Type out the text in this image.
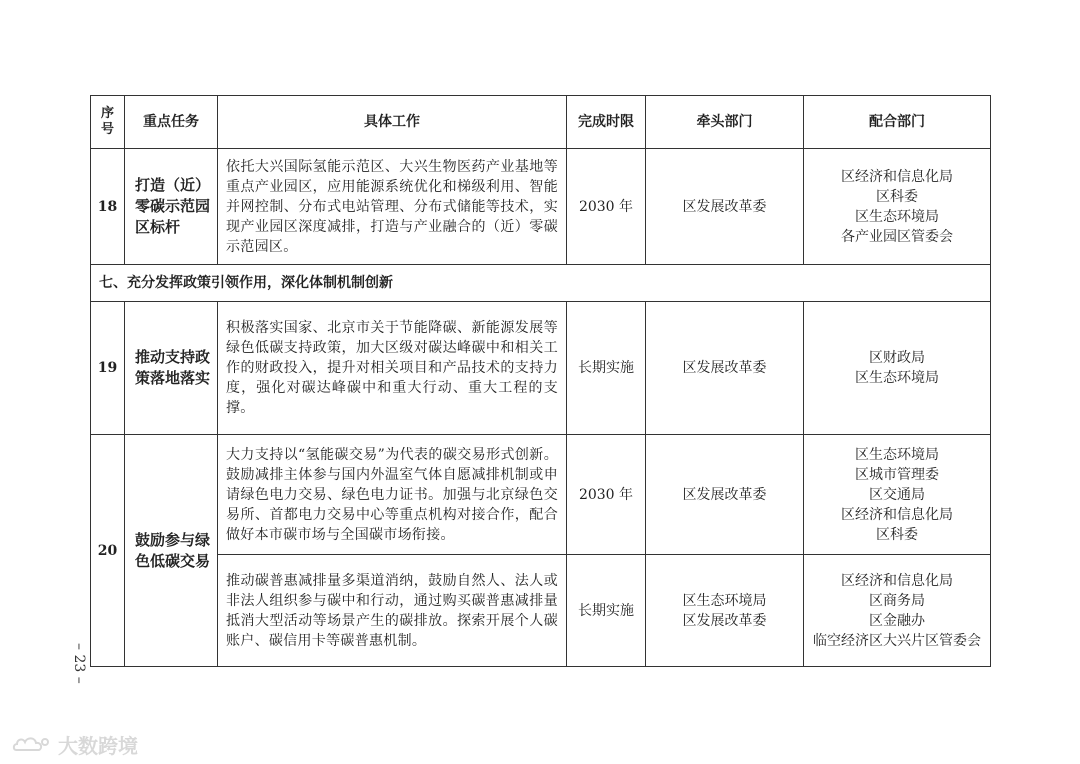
序号	重点任务	具体工作	完成时限	牵头部门	配合部门
18	打造（近）零碳示范园区标杆	依托大兴国际氢能示范区、大兴生物医药产业基地等重点产业园区，应用能源系统优化和梯级利用、智能并网控制、分布式电站管理、分布式储能等技术，实现产业园区深度减排，打造与产业融合的（近）零碳示范园区。	2030 年	区发展改革委	区经济和信息化局
区科委
区生态环境局
各产业园区管委会

七、充分发挥政策引领作用，深化体制机制创新					
19	推动支持政策落地落实	积极落实国家、北京市关于节能降碳、新能源发展等绿色低碳支持政策，加大区级对碳达峰碳中和相关工作的财政投入，提升对相关项目和产品技术的支持力度，强化对碳达峰碳中和重大行动、重大工程的支撑。	长期实施	区发展改革委	区财政局
区生态环境局

20	鼓励参与绿色低碳交易	大力支持以“氢能碳交易”为代表的碳交易形式创新。鼓励减排主体参与国内外温室气体自愿减排机制或申请绿色电力交易、绿色电力证书。加强与北京绿色交易所、首都电力交易中心等重点机构对接合作，配合做好本市碳市场与全国碳市场衔接。	2030 年	区发展改革委	区生态环境局
区城市管理委
区交通局
区经济和信息化局
区科委

		推动碳普惠减排量多渠道消纳，鼓励自然人、法人或非法人组织参与碳中和行动，通过购买碳普惠减排量抵消大型活动等场景产生的碳排放。探索开展个人碳账户、碳信用卡等碳普惠机制。	长期实施	区生态环境局
区发展改革委	区经济和信息化局
区商务局
区金融办
临空经济区大兴片区管委会
– 23 –
大数跨境
